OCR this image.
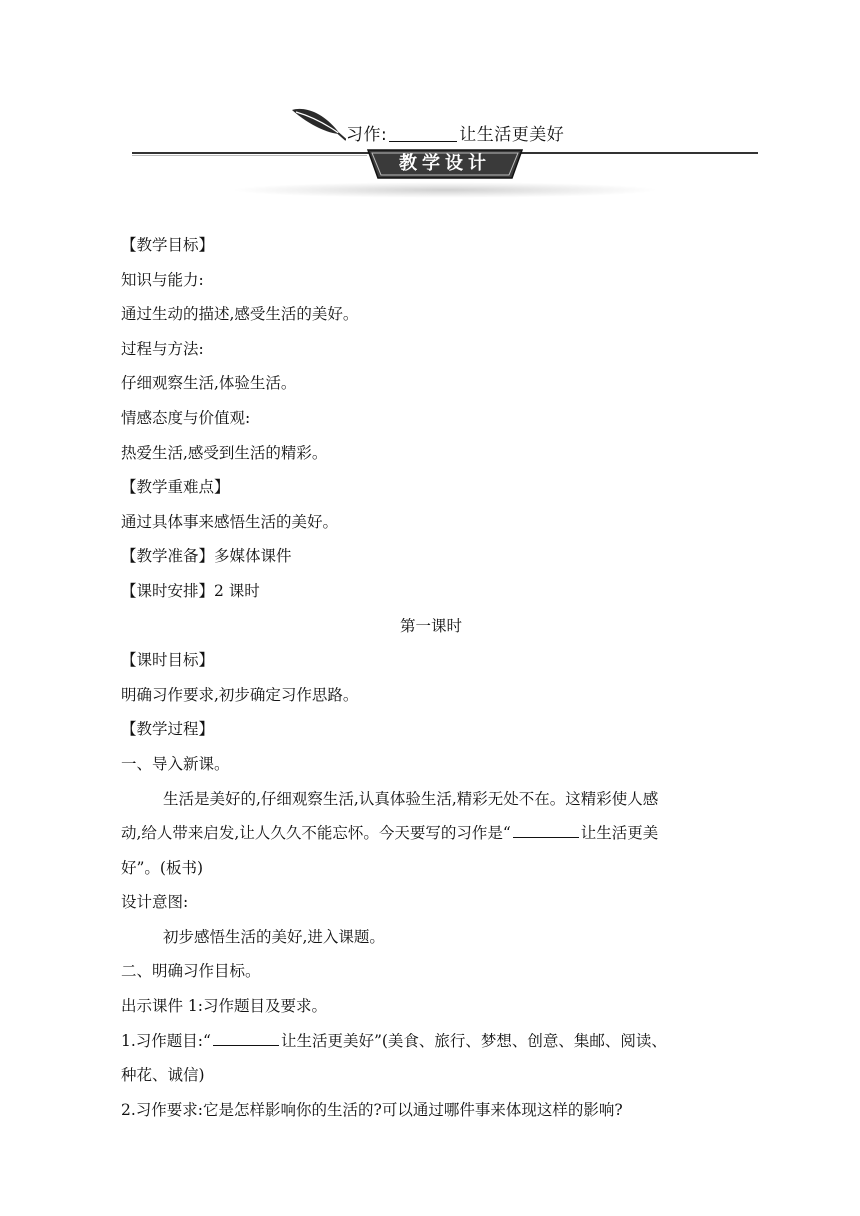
习作:	让生活更美好
教学设计
【教学目标】
知识与能力:
通过生动的描述,感受生活的美好。
过程与方法:
仔细观察生活,体验生活。
情感态度与价值观:
热爱生活,感受到生活的精彩。
【教学重难点】
通过具体事来感悟生活的美好。
【教学准备】多媒体课件
【课时安排】2 课时
第一课时
【课时目标】
明确习作要求,初步确定习作思路。
【教学过程】
一、导入新课。
生活是美好的,仔细观察生活,认真体验生活,精彩无处不在。这精彩使人感
动,给人带来启发,让人久久不能忘怀。今天要写的习作是“	让生活更美
好”。(板书)
设计意图:
初步感悟生活的美好,进入课题。
二、明确习作目标。
出示课件 1:习作题目及要求。
1.习作题目:“	让生活更美好”(美食、旅行、梦想、创意、集邮、阅读、
种花、诚信)
2.习作要求:它是怎样影响你的生活的?可以通过哪件事来体现这样的影响?
